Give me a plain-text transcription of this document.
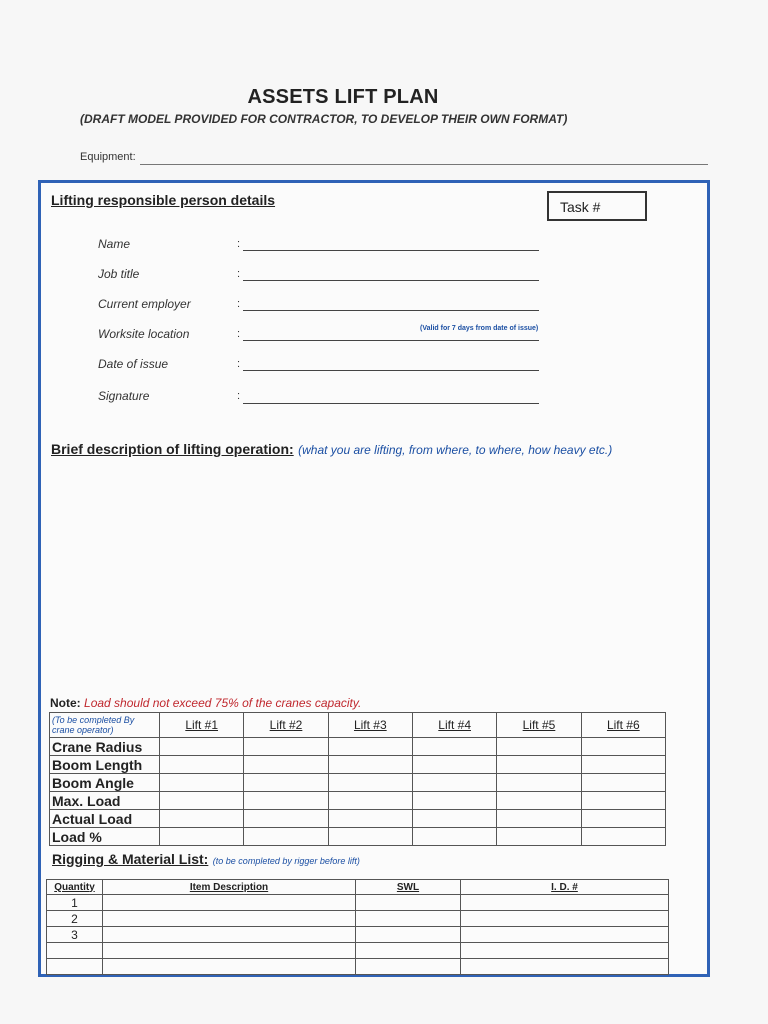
ASSETS LIFT PLAN
(DRAFT MODEL PROVIDED FOR CONTRACTOR, TO DEVELOP THEIR OWN FORMAT)
Equipment:
Lifting responsible person details	Task #
Name	:
Job title	:
Current employer	:
Worksite location	:	(Valid for 7 days from date of issue)
Date of issue	:
Signature	:
Brief description of lifting operation: (what you are lifting, from where, to where, how heavy etc.)
Note: Load should not exceed 75% of the cranes capacity.
(To be completed By crane operator)	Lift #1	Lift #2	Lift #3	Lift #4	Lift #5	Lift #6
Crane Radius						
Boom Length						
Boom Angle						
Max. Load						
Actual Load						
Load %						
Rigging & Material List: (to be completed by rigger before lift)
Quantity	Item Description	SWL	I. D. #
1			
2			
3			
